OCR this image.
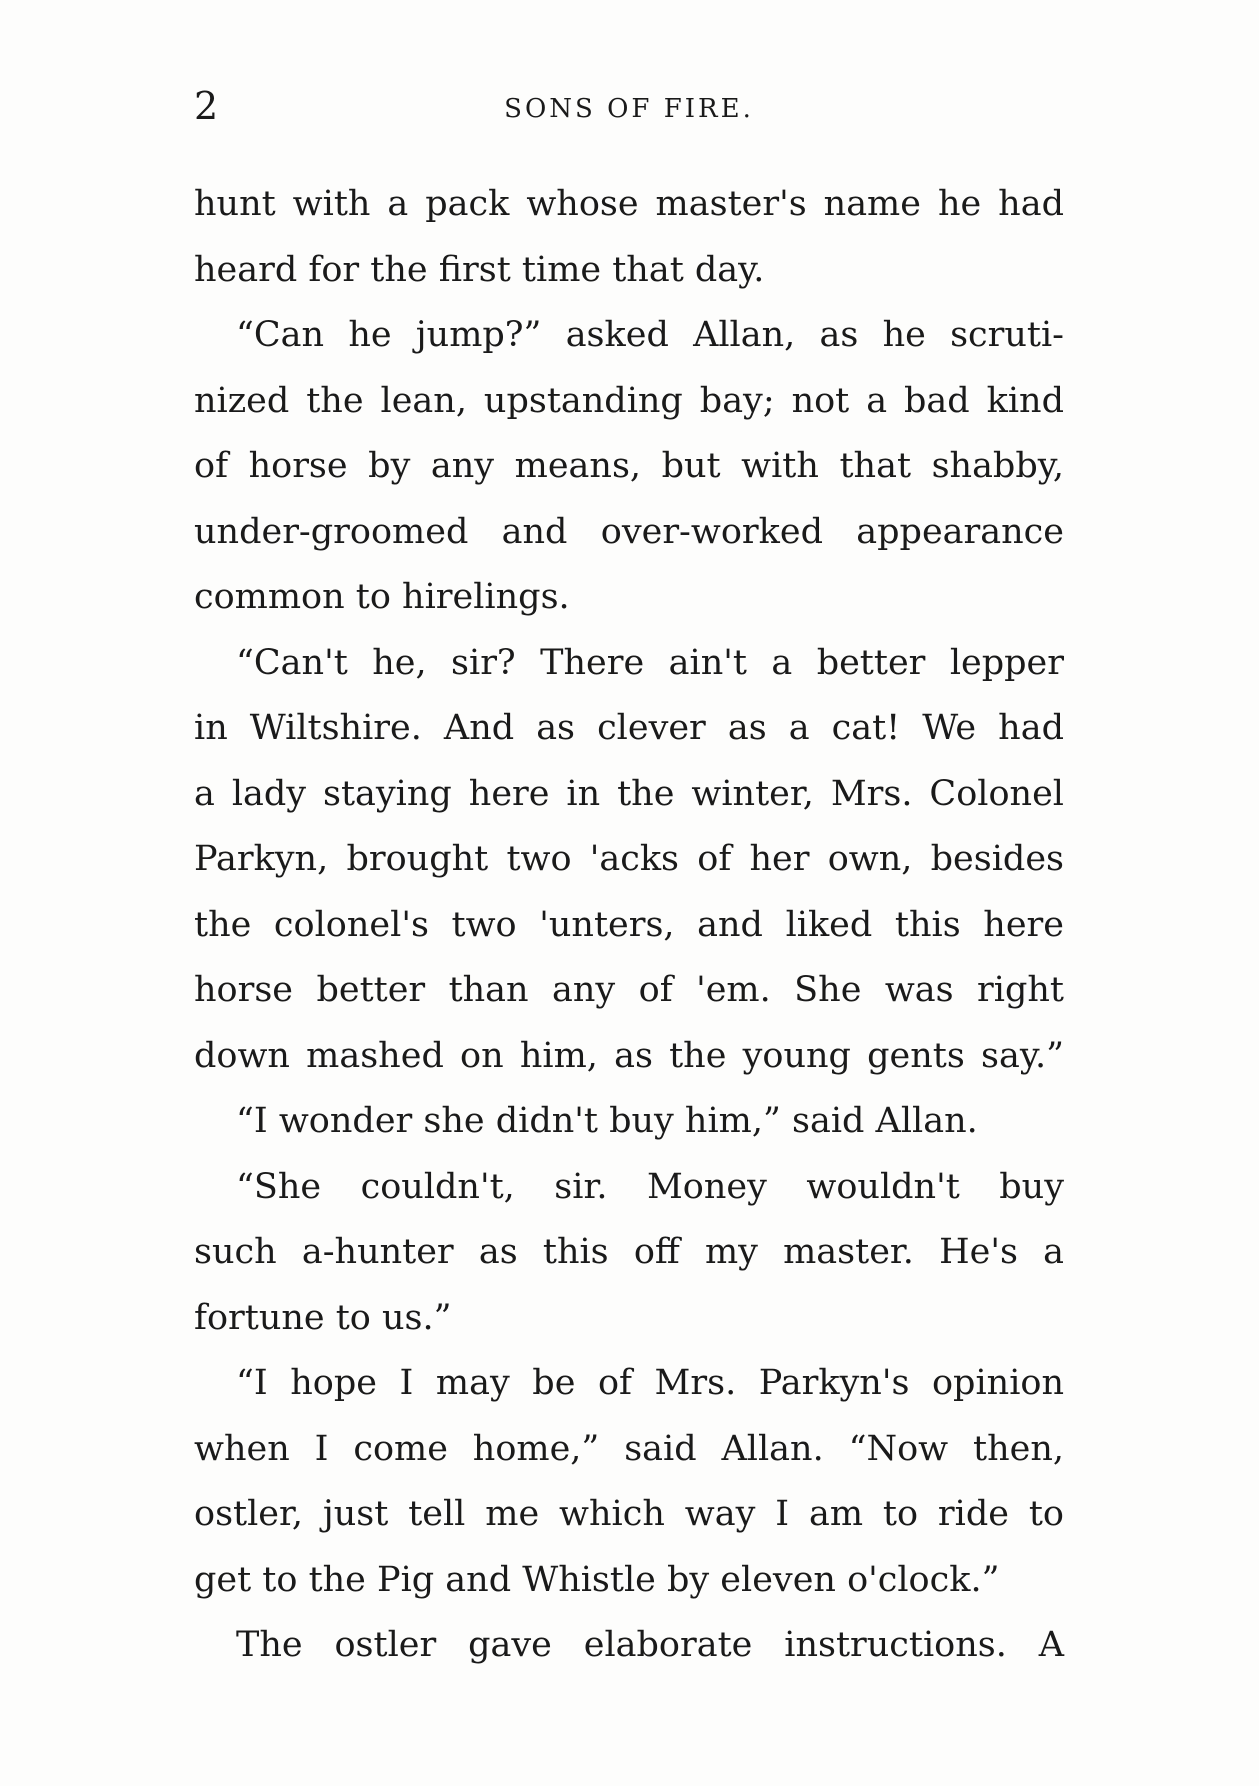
2	SONS OF FIRE.
hunt with a pack whose master's name he had
heard for the first time that day.
“Can he jump?” asked Allan, as he scruti-
nized the lean, upstanding bay; not a bad kind
of horse by any means, but with that shabby,
under-groomed and over-worked appearance
common to hirelings.
“Can't he, sir? There ain't a better lepper
in Wiltshire. And as clever as a cat! We had
a lady staying here in the winter, Mrs. Colonel
Parkyn, brought two 'acks of her own, besides
the colonel's two 'unters, and liked this here
horse better than any of 'em. She was right
down mashed on him, as the young gents say.”
“I wonder she didn't buy him,” said Allan.
“She couldn't, sir. Money wouldn't buy
such a-hunter as this off my master. He's a
fortune to us.”
“I hope I may be of Mrs. Parkyn's opinion
when I come home,” said Allan. “Now then,
ostler, just tell me which way I am to ride to
get to the Pig and Whistle by eleven o'clock.”
The ostler gave elaborate instructions. A
